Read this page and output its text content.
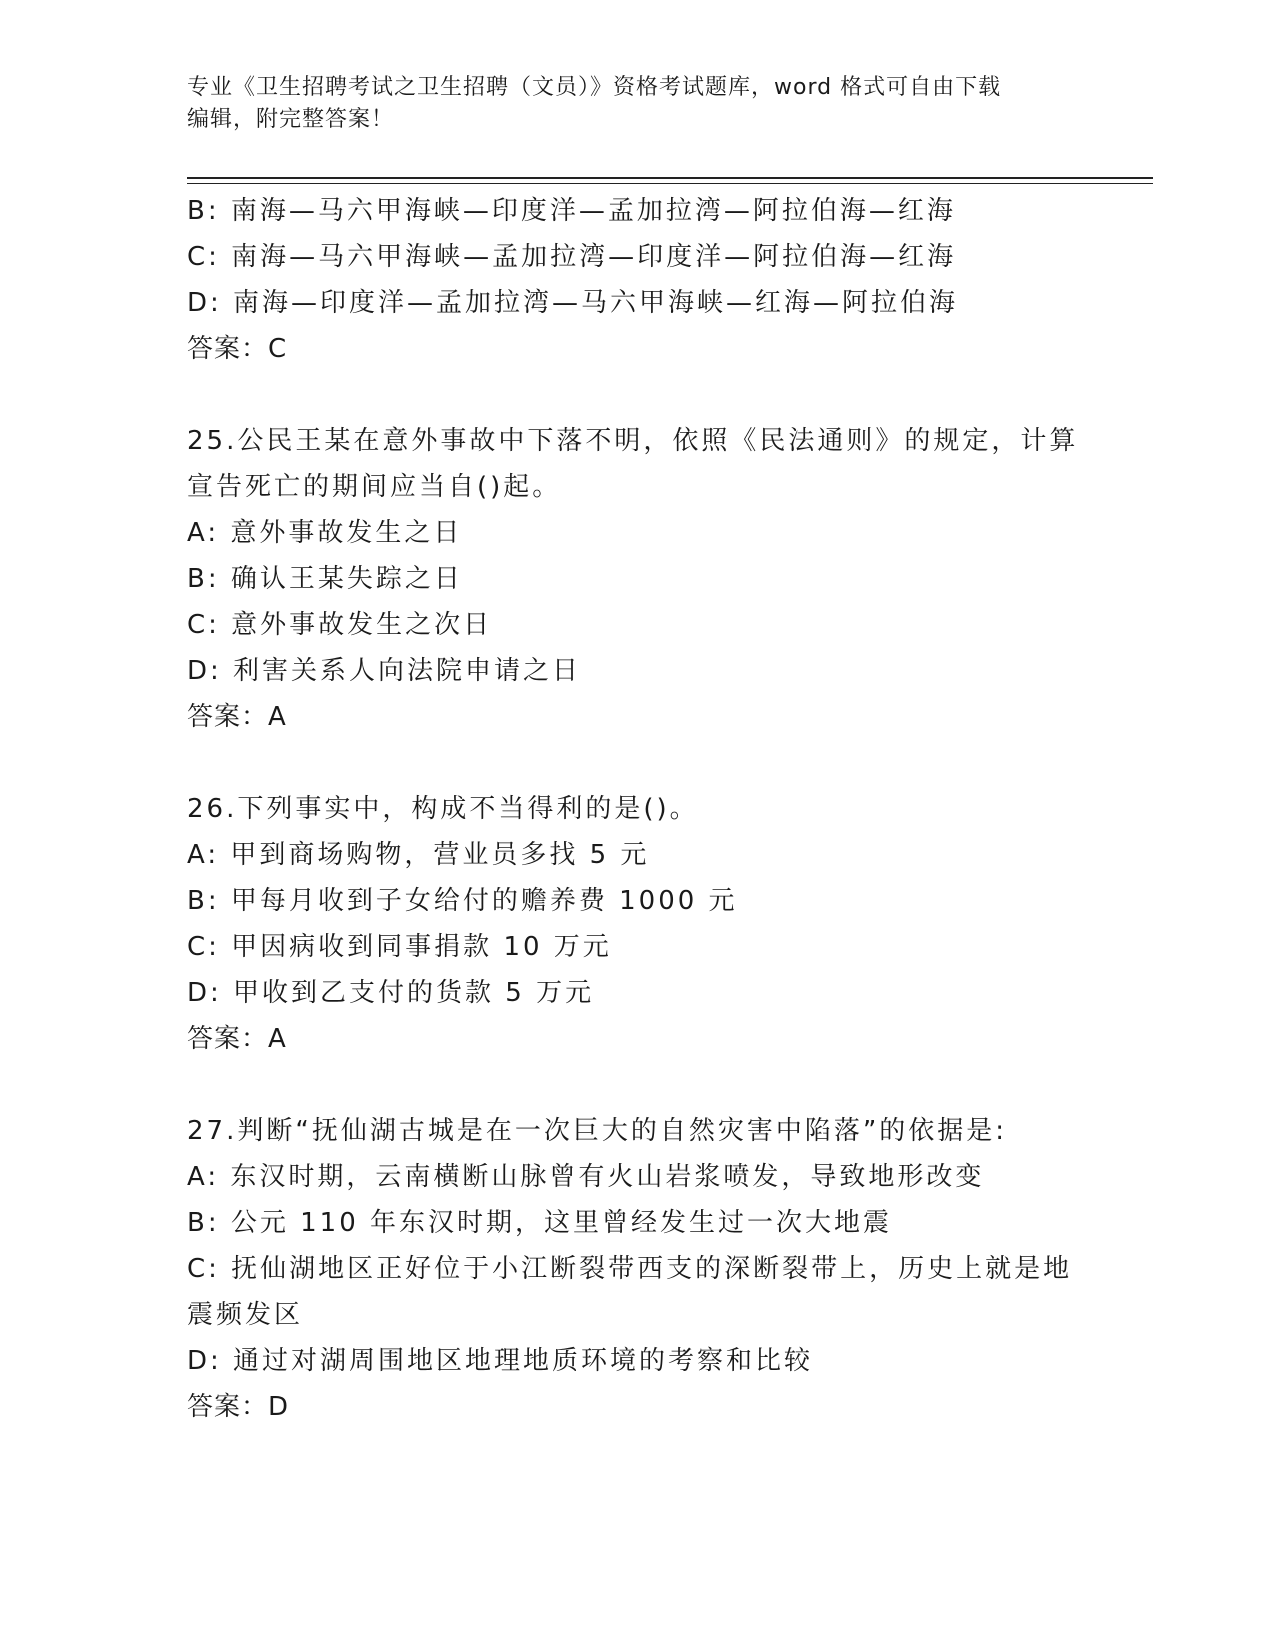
专业《卫生招聘考试之卫生招聘（文员）》资格考试题库，word 格式可自由下载
编辑，附完整答案！
B: 南海—马六甲海峡—印度洋—孟加拉湾—阿拉伯海—红海
C: 南海—马六甲海峡—孟加拉湾—印度洋—阿拉伯海—红海
D: 南海—印度洋—孟加拉湾—马六甲海峡—红海—阿拉伯海
答案：C
25.公民王某在意外事故中下落不明，依照《民法通则》的规定，计算
宣告死亡的期间应当自()起。
A: 意外事故发生之日
B: 确认王某失踪之日
C: 意外事故发生之次日
D: 利害关系人向法院申请之日
答案：A
26.下列事实中，构成不当得利的是()。
A: 甲到商场购物，营业员多找 5 元
B: 甲每月收到子女给付的赡养费 1000 元
C: 甲因病收到同事捐款 10 万元
D: 甲收到乙支付的货款 5 万元
答案：A
27.判断“抚仙湖古城是在一次巨大的自然灾害中陷落”的依据是:
A: 东汉时期，云南横断山脉曾有火山岩浆喷发，导致地形改变
B: 公元 110 年东汉时期，这里曾经发生过一次大地震
C: 抚仙湖地区正好位于小江断裂带西支的深断裂带上，历史上就是地
震频发区
D: 通过对湖周围地区地理地质环境的考察和比较
答案：D
